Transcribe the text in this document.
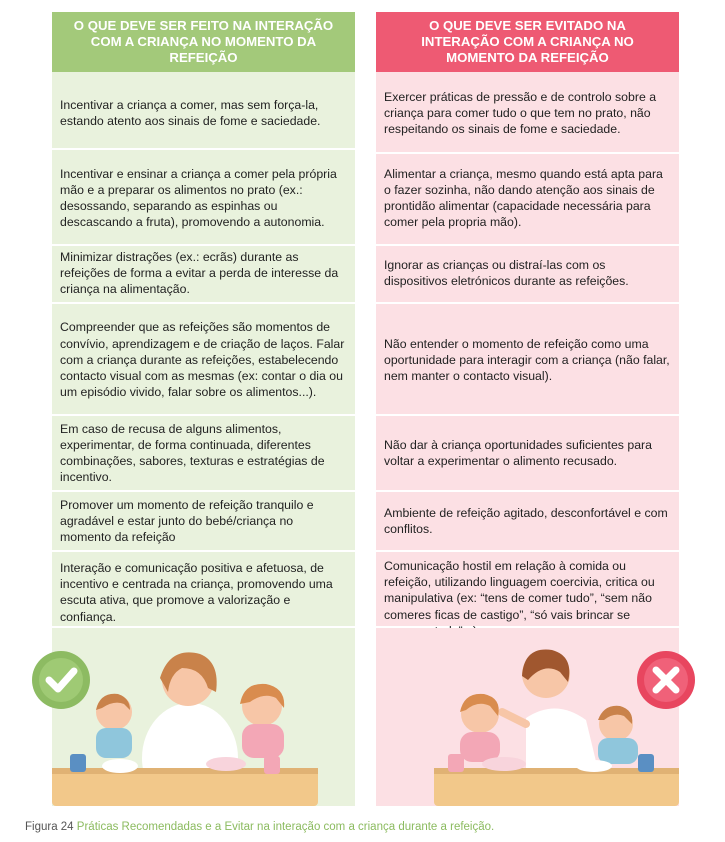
O QUE DEVE SER FEITO NA INTERAÇÃO COM A CRIANÇA NO MOMENTO DA REFEIÇÃO
Incentivar a criança a comer, mas sem força-la, estando atento aos sinais de fome e saciedade.
Incentivar e ensinar a criança a comer pela própria mão e a preparar os alimentos no prato (ex.: desossando, separando as espinhas ou descascando a fruta), promovendo a autonomia.
Minimizar distrações (ex.: ecrãs) durante as refeições de forma a evitar a perda de interesse da criança na alimentação.
Compreender que as refeições são momentos de convívio, aprendizagem e de criação de laços. Falar com a criança durante as refeições, estabelecendo contacto visual com as mesmas (ex: contar o dia ou um episódio vivido, falar sobre os alimentos...).
Em caso de recusa de alguns alimentos, experimentar, de forma continuada, diferentes combinações, sabores, texturas e estratégias de incentivo.
Promover um momento de refeição tranquilo e agradável e estar junto do bebé/criança no momento da refeição
Interação e comunicação positiva e afetuosa, de incentivo e centrada na criança, promovendo uma escuta ativa, que promove a valorização e confiança.
O QUE DEVE SER EVITADO NA INTERAÇÃO COM A CRIANÇA NO MOMENTO DA REFEIÇÃO
Exercer práticas de pressão e de controlo sobre a criança para comer tudo o que tem no prato, não respeitando os sinais de fome e saciedade.
Alimentar a criança, mesmo quando está apta para o fazer sozinha, não dando atenção aos sinais de prontidão alimentar (capacidade necessária para comer pela propria mão).
Ignorar as crianças ou distraí-las com os dispositivos eletrónicos durante as refeições.
Não entender o momento de refeição como uma oportunidade para interagir com a criança (não falar, nem manter o contacto visual).
Não dar à criança oportunidades suficientes para voltar a experimentar o alimento recusado.
Ambiente de refeição agitado, desconfortável e com conflitos.
Comunicação hostil em relação à comida ou refeição, utilizando linguagem coercivia, critica ou manipulativa (ex: “tens de comer tudo”, “sem não comeres ficas de castigo”, “só vais brincar se
Figura 24 Práticas Recomendadas e a Evitar na interação com a criança durante a refeição.
